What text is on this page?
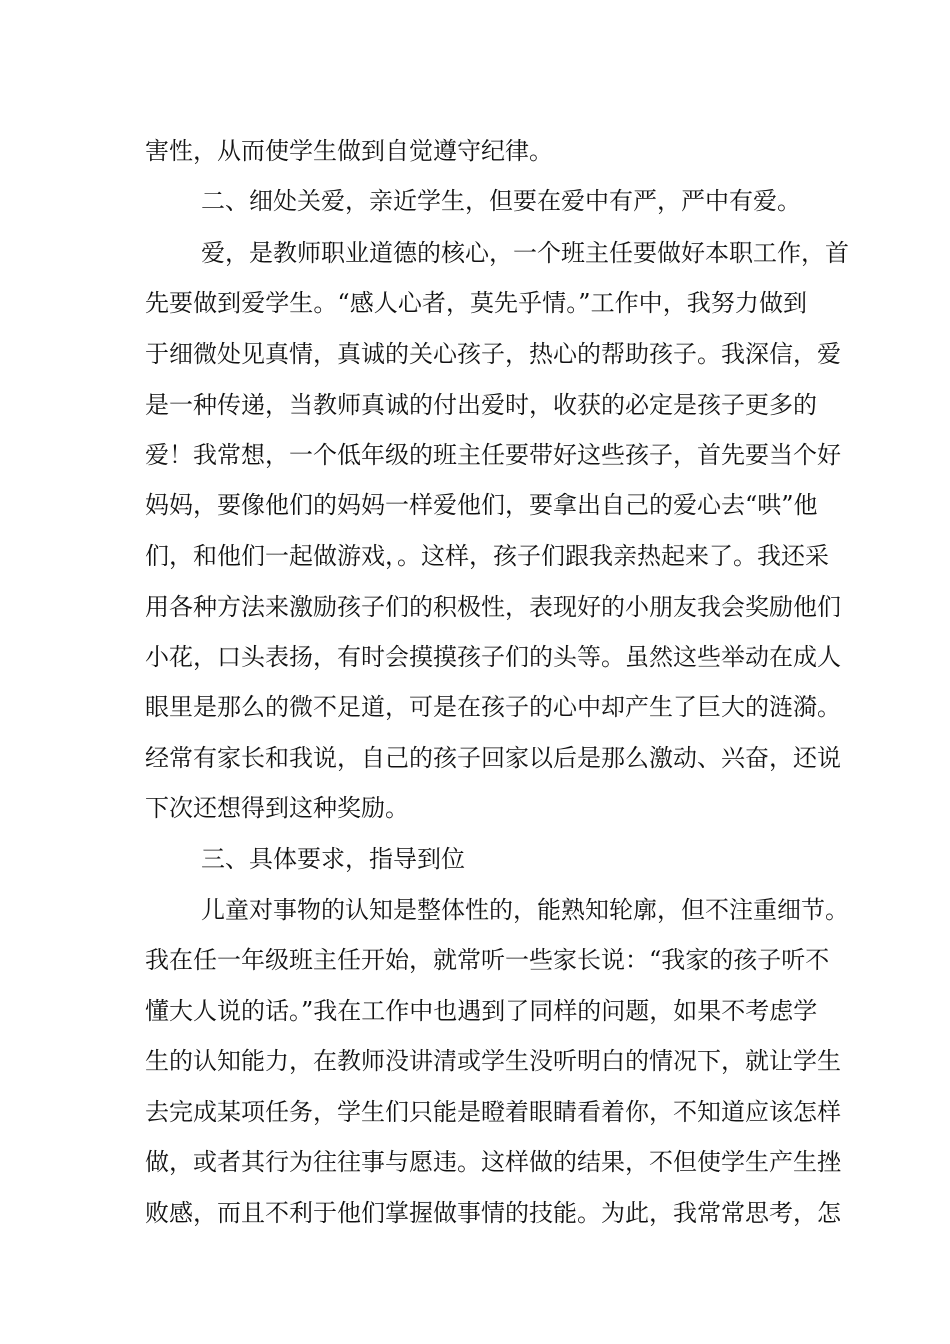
害性，从而使学生做到自觉遵守纪律。
二、细处关爱，亲近学生，但要在爱中有严，严中有爱。
爱，是教师职业道德的核心，一个班主任要做好本职工作，首
先要做到爱学生。“感人心者，莫先乎情。”工作中，我努力做到
于细微处见真情，真诚的关心孩子，热心的帮助孩子。我深信，爱
是一种传递，当教师真诚的付出爱时，收获的必定是孩子更多的
爱！我常想，一个低年级的班主任要带好这些孩子，首先要当个好
妈妈，要像他们的妈妈一样爱他们，要拿出自己的爱心去“哄”他
们，和他们一起做游戏，。这样，孩子们跟我亲热起来了。我还采
用各种方法来激励孩子们的积极性，表现好的小朋友我会奖励他们
小花，口头表扬，有时会摸摸孩子们的头等。虽然这些举动在成人
眼里是那么的微不足道，可是在孩子的心中却产生了巨大的涟漪。
经常有家长和我说，自己的孩子回家以后是那么激动、兴奋，还说
下次还想得到这种奖励。
三、具体要求，指导到位
儿童对事物的认知是整体性的，能熟知轮廓，但不注重细节。
我在任一年级班主任开始，就常听一些家长说：“我家的孩子听不
懂大人说的话。”我在工作中也遇到了同样的问题，如果不考虑学
生的认知能力，在教师没讲清或学生没听明白的情况下，就让学生
去完成某项任务，学生们只能是瞪着眼睛看着你，不知道应该怎样
做，或者其行为往往事与愿违。这样做的结果，不但使学生产生挫
败感，而且不利于他们掌握做事情的技能。为此，我常常思考，怎
